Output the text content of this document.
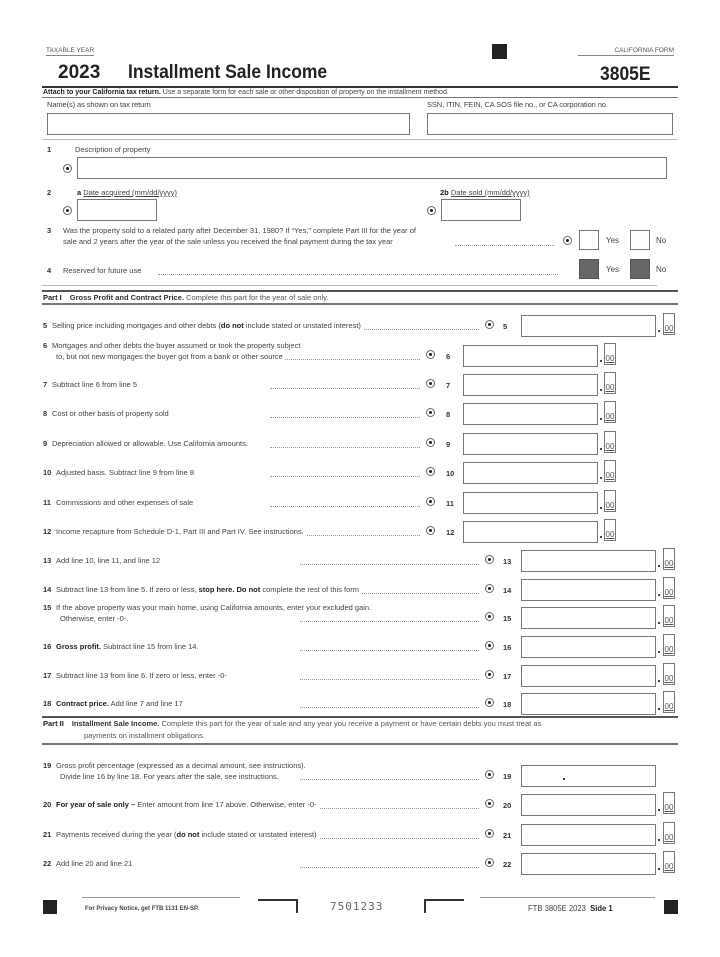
TAXABLE YEAR	CALIFORNIA FORM
2023 Installment Sale Income	3805E
Attach to your California tax return. Use a separate form for each sale or other disposition of property on the installment method.
Name(s) as shown on tax return	SSN, ITIN, FEIN, CA SOS file no., or CA corporation no.
1	Description of property
2	a Date acquired (mm/dd/yyyy)	2b Date sold (mm/dd/yyyy)
3 Was the property sold to a related party after December 31, 1980? If “Yes,” complete Part III for the year of
sale and 2 years after the year of the sale unless you received the final payment during the tax year	Yes	No
4 Reserved for future use	Yes	No
Part I Gross Profit and Contract Price. Complete this part for the year of sale only.
5 Selling price including mortgages and other debts (do not include stated or unstated interest)	5	00
6 Mortgages and other debts the buyer assumed or took the property subject
to, but not new mortgages the buyer got from a bank or other source	6	00
7 Subtract line 6 from line 5	7	00
8 Cost or other basis of property sold	8	00
9 Depreciation allowed or allowable. Use California amounts.	9	00
10 Adjusted basis. Subtract line 9 from line 8	10	00
11 Commissions and other expenses of sale	11	00
12 Income recapture from Schedule D-1, Part III and Part IV. See instructions.	12	00
13 Add line 10, line 11, and line 12	13	00
14 Subtract line 13 from line 5. If zero or less, stop here. Do not complete the rest of this form	14	00
15 If the above property was your main home, using California amounts, enter your excluded gain.
Otherwise, enter -0-.	15	00
16 Gross profit. Subtract line 15 from line 14.	16	00
17 Subtract line 13 from line 6. If zero or less, enter -0-	17	00
18 Contract price. Add line 7 and line 17	18	00
Part II Installment Sale Income. Complete this part for the year of sale and any year you receive a payment or have certain debts you must treat as
payments on installment obligations.
19 Gross profit percentage (expressed as a decimal amount, see instructions).
Divide line 16 by line 18. For years after the sale, see instructions.	19
20 For year of sale only – Enter amount from line 17 above. Otherwise, enter -0-	20	00
21 Payments received during the year (do not include stated or unstated interest)	21	00
22 Add line 20 and line 21	22	00
For Privacy Notice, get FTB 1131 EN-SP.	7501233	FTB 3805E 2023 Side 1
